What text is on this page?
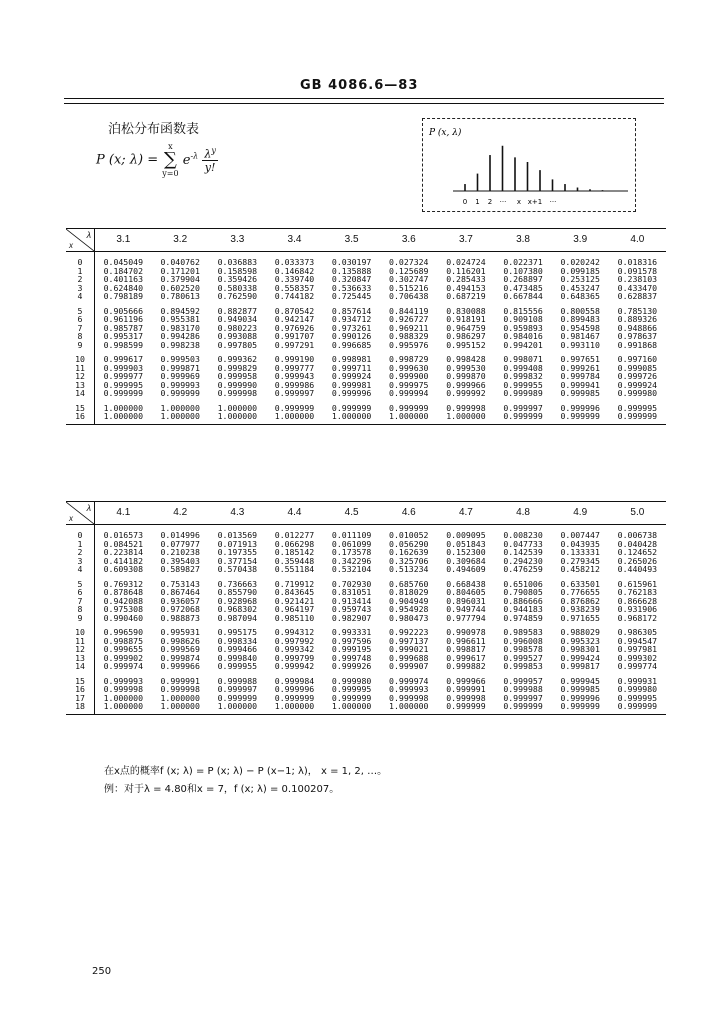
GB 4086.6—83
泊松分布函数表
P (x; λ) =
x
∑
y=0
$e^{-\lambda} \frac{\lambda^y}{y!}$
P (x, λ)
0 1 2 ··· x x+1 ···
λ
x	3.1	3.2	3.3	3.4	3.5	3.6	3.7	3.8	3.9	4.0

0	0.045049	0.040762	0.036883	0.033373	0.030197	0.027324	0.024724	0.022371	0.020242	0.018316
1	0.184702	0.171201	0.158598	0.146842	0.135888	0.125689	0.116201	0.107380	0.099185	0.091578
2	0.401163	0.379904	0.359426	0.339740	0.320847	0.302747	0.285433	0.268897	0.253125	0.238103
3	0.624840	0.602520	0.580338	0.558357	0.536633	0.515216	0.494153	0.473485	0.453247	0.433470
4	0.798189	0.780613	0.762590	0.744182	0.725445	0.706438	0.687219	0.667844	0.648365	0.628837

5	0.905666	0.894592	0.882877	0.870542	0.857614	0.844119	0.830088	0.815556	0.800558	0.785130
6	0.961196	0.955381	0.949034	0.942147	0.934712	0.926727	0.918191	0.909108	0.899483	0.889326
7	0.985787	0.983170	0.980223	0.976926	0.973261	0.969211	0.964759	0.959893	0.954598	0.948866
8	0.995317	0.994286	0.993088	0.991707	0.990126	0.988329	0.986297	0.984016	0.981467	0.978637
9	0.998599	0.998238	0.997805	0.997291	0.996685	0.995976	0.995152	0.994201	0.993110	0.991868

10	0.999617	0.999503	0.999362	0.999190	0.998981	0.998729	0.998428	0.998071	0.997651	0.997160
11	0.999903	0.999871	0.999829	0.999777	0.999711	0.999630	0.999530	0.999408	0.999261	0.999085
12	0.999977	0.999969	0.999958	0.999943	0.999924	0.999900	0.999870	0.999832	0.999784	0.999726
13	0.999995	0.999993	0.999990	0.999986	0.999981	0.999975	0.999966	0.999955	0.999941	0.999924
14	0.999999	0.999999	0.999998	0.999997	0.999996	0.999994	0.999992	0.999989	0.999985	0.999980

15	1.000000	1.000000	1.000000	0.999999	0.999999	0.999999	0.999998	0.999997	0.999996	0.999995
16	1.000000	1.000000	1.000000	1.000000	1.000000	1.000000	1.000000	0.999999	0.999999	0.999999
λ
x	4.1	4.2	4.3	4.4	4.5	4.6	4.7	4.8	4.9	5.0

0	0.016573	0.014996	0.013569	0.012277	0.011109	0.010052	0.009095	0.008230	0.007447	0.006738
1	0.084521	0.077977	0.071913	0.066298	0.061099	0.056290	0.051843	0.047733	0.043935	0.040428
2	0.223814	0.210238	0.197355	0.185142	0.173578	0.162639	0.152300	0.142539	0.133331	0.124652
3	0.414182	0.395403	0.377154	0.359448	0.342296	0.325706	0.309684	0.294230	0.279345	0.265026
4	0.609308	0.589827	0.570438	0.551184	0.532104	0.513234	0.494609	0.476259	0.458212	0.440493

5	0.769312	0.753143	0.736663	0.719912	0.702930	0.685760	0.668438	0.651006	0.633501	0.615961
6	0.878648	0.867464	0.855790	0.843645	0.831051	0.818029	0.804605	0.790805	0.776655	0.762183
7	0.942088	0.936057	0.928968	0.921421	0.913414	0.904949	0.896031	0.886666	0.876862	0.866628
8	0.975308	0.972068	0.968302	0.964197	0.959743	0.954928	0.949744	0.944183	0.938239	0.931906
9	0.990460	0.988873	0.987094	0.985110	0.982907	0.980473	0.977794	0.974859	0.971655	0.968172

10	0.996590	0.995931	0.995175	0.994312	0.993331	0.992223	0.990978	0.989583	0.988029	0.986305
11	0.998875	0.998626	0.998334	0.997992	0.997596	0.997137	0.996611	0.996008	0.995323	0.994547
12	0.999655	0.999569	0.999466	0.999342	0.999195	0.999021	0.998817	0.998578	0.998301	0.997981
13	0.999902	0.999874	0.999840	0.999799	0.999748	0.999688	0.999617	0.999527	0.999424	0.999302
14	0.999974	0.999966	0.999955	0.999942	0.999926	0.999907	0.999882	0.999853	0.999817	0.999774

15	0.999993	0.999991	0.999988	0.999984	0.999980	0.999974	0.999966	0.999957	0.999945	0.999931
16	0.999998	0.999998	0.999997	0.999996	0.999995	0.999993	0.999991	0.999988	0.999985	0.999980
17	1.000000	1.000000	0.999999	0.999999	0.999999	0.999998	0.999998	0.999997	0.999996	0.999995
18	1.000000	1.000000	1.000000	1.000000	1.000000	1.000000	0.999999	0.999999	0.999999	0.999999
在x点的概率f (x; λ) = P (x; λ) − P (x−1; λ)， x = 1, 2, …。
例：对于λ = 4.80和x = 7，f (x; λ) = 0.100207。
250
